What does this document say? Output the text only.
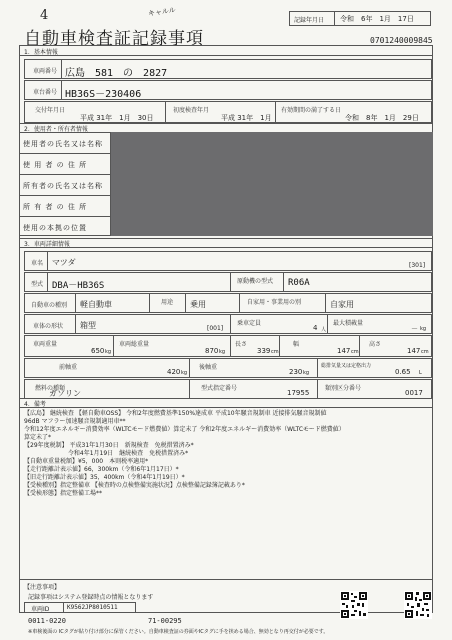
4	キャルル
自動車検査証記録事項
記録年月日 令和　6年　1月　17日
0701240009845
1．基本情報
車両番号 広島　581　の　2827
車台番号 HB36S－230406
交付年月日
平成 31年　1月　30日
初度検査年月
平成 31年　1月
有効期間の満了する日
令和　8年　1月　29日
2．使用者・所有者情報
使用者の氏名又は名称
使 用 者 の 住 所
所有者の氏名又は名称
所 有 者 の 住 所
使用の本拠の位置
3．車両詳細情報
車名 マツダ	[301]
型式 DBA－HB36S	原動機の型式 R06A
自動車の種別 軽自動車	用途 乗用	自家用・事業用の別	自家用
車体の形状 箱型	[001]
乗車定員
4 人
最大積載量
－ kg
車両重量
650 kg
車両総重量
870 kg
長さ
339 cm
幅
147 cm
高さ
147 cm
前軸重
420 kg
後軸重
230 kg
総排気量又は定格出力
0.65 L
燃料の種類
ガソリン
型式指定番号
17955
類別区分番号
0017
4．備考
【広島】 継続検査 【軽自動車OSS】 令和2年度燃費基準150%達成車 平成10年騒音規制車 近接排気騒音規制値
96dB マフラー加速騒音規制適用車**
令和12年度エネルギー消費効率（WLTCモード燃費値）算定未了 令和2年度エネルギー消費効率（WLTCモード燃費値）
算定未了*
【29年度税制】 平成31年1月30日　新規検査　免税措置済み*
　　　　　　　 令和4年1月19日　継続検査　免税措置済み*
【自動車重量税額】¥5，000　本則税率適用*
【走行距離計表示値】66，300km（令和6年1月17日）*
【旧走行距離計表示値】35，400km（令和4年1月19日）*
【受検種別】指定整備車 【検査時の点検整備実施状況】点検整備記録簿記載あり*
【受検形態】指定整備工場**
【注意事項】
記録事項はシステム登録時点の情報となります
車両ID	K9562JP8010511
0011-0220	71-00295
※車検後面の ICタグが貼り付け部分に保管ください。自動車検査証の券面やICタグに手を挟める場合、無効となり再交付が必要です。
